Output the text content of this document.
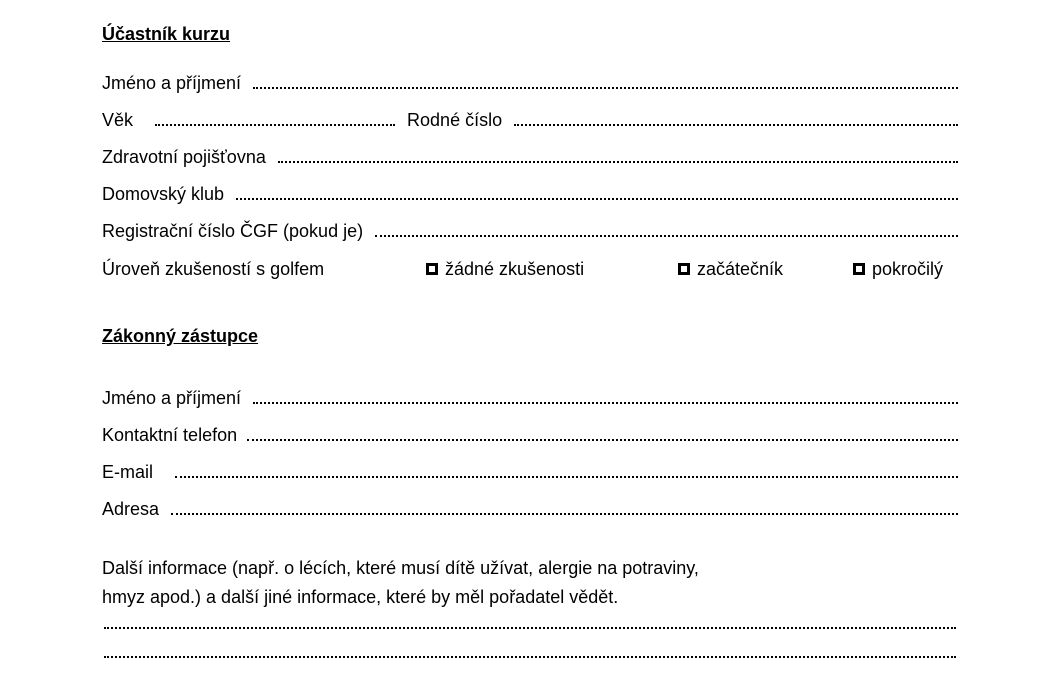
Účastník kurzu
Jméno a příjmení
Věk	Rodné číslo
Zdravotní pojišťovna
Domovský klub
Registrační číslo ČGF (pokud je)
Úroveň zkušeností s golfem	žádné zkušenosti	začátečník	pokročilý
Zákonný zástupce
Jméno a příjmení
Kontaktní telefon
E-mail
Adresa
Další informace (např. o lécích, které musí dítě užívat, alergie na potraviny,
hmyz apod.) a další jiné informace, které by měl pořadatel vědět.
